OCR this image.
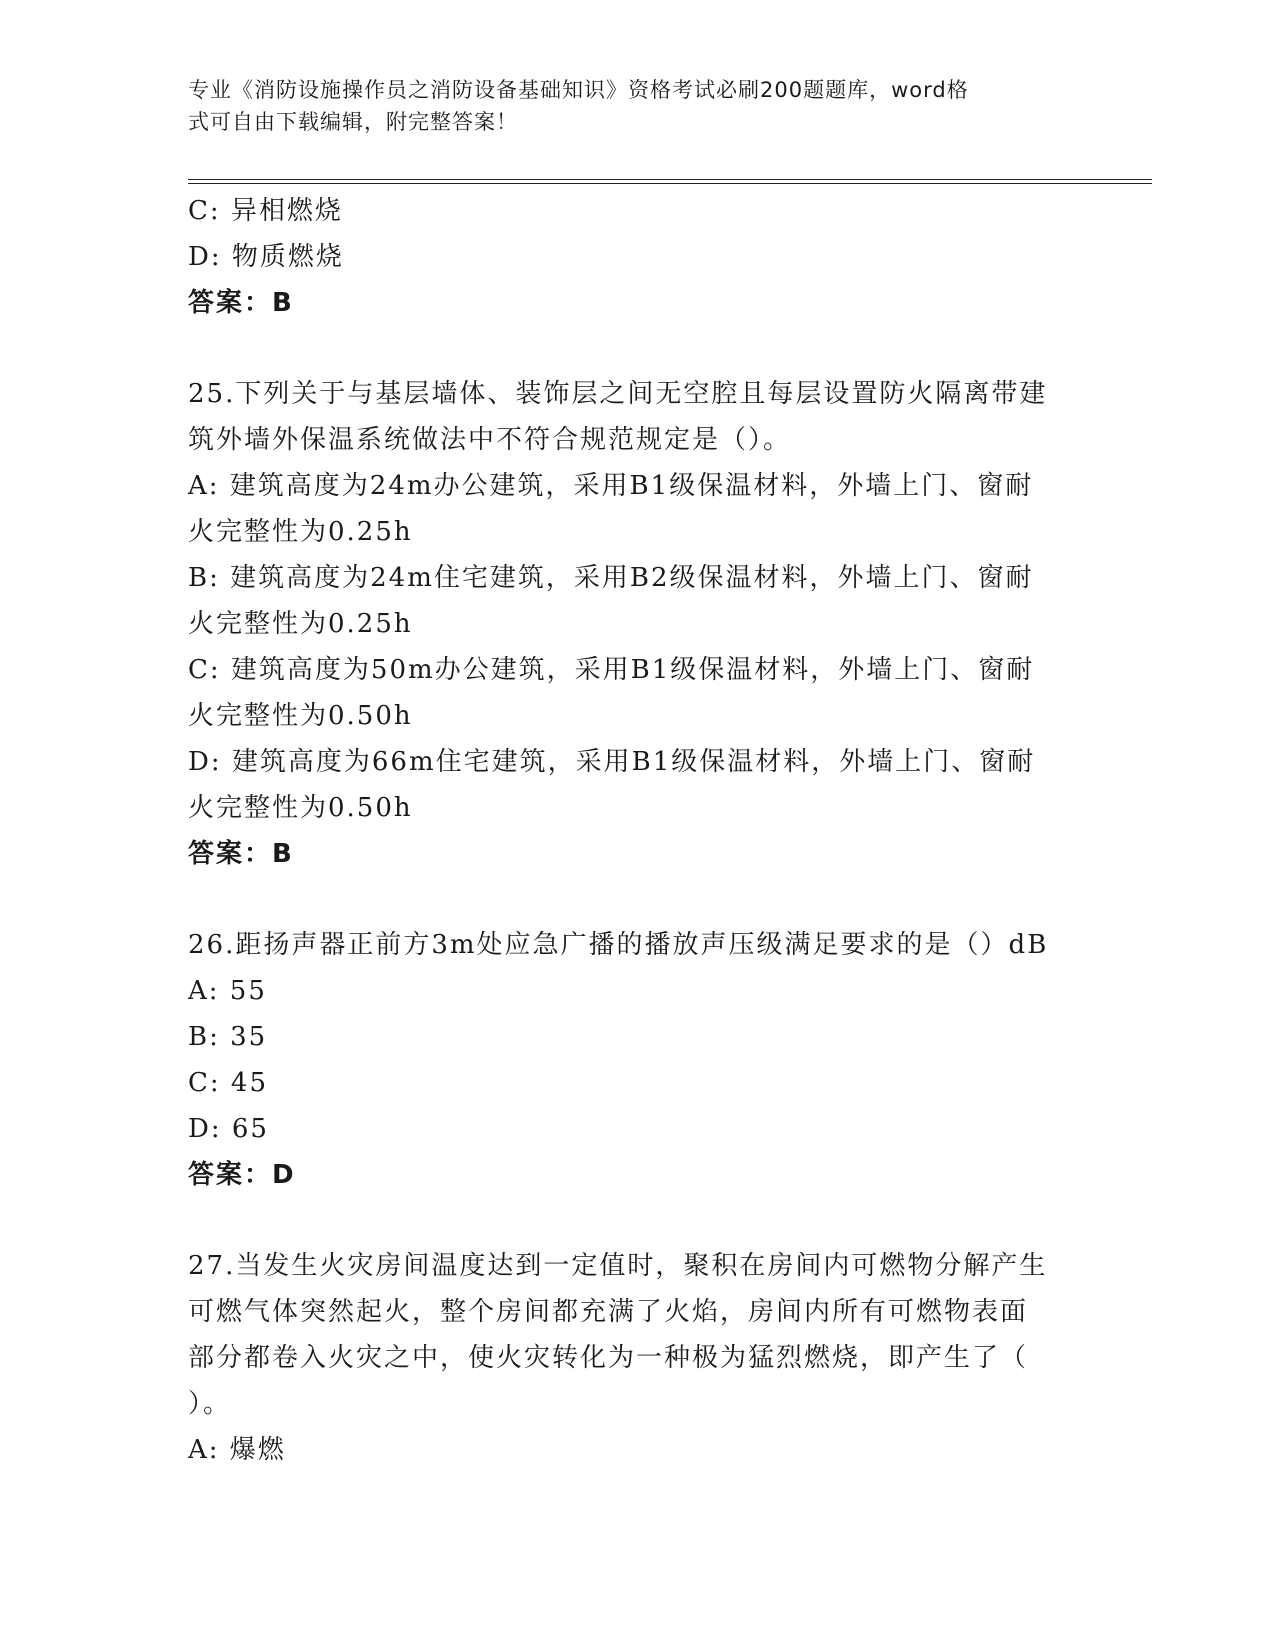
专业《消防设施操作员之消防设备基础知识》资格考试必刷200题题库，word格
式可自由下载编辑，附完整答案！
C: 异相燃烧
D: 物质燃烧
答案：B
25.下列关于与基层墙体、装饰层之间无空腔且每层设置防火隔离带建
筑外墙外保温系统做法中不符合规范规定是（）。
A: 建筑高度为24m办公建筑，采用B1级保温材料，外墙上门、窗耐
火完整性为0.25h
B: 建筑高度为24m住宅建筑，采用B2级保温材料，外墙上门、窗耐
火完整性为0.25h
C: 建筑高度为50m办公建筑，采用B1级保温材料，外墙上门、窗耐
火完整性为0.50h
D: 建筑高度为66m住宅建筑，采用B1级保温材料，外墙上门、窗耐
火完整性为0.50h
答案：B
26.距扬声器正前方3m处应急广播的播放声压级满足要求的是（）dB
A: 55
B: 35
C: 45
D: 65
答案：D
27.当发生火灾房间温度达到一定值时，聚积在房间内可燃物分解产生
可燃气体突然起火，整个房间都充满了火焰，房间内所有可燃物表面
部分都卷入火灾之中，使火灾转化为一种极为猛烈燃烧，即产生了（
）。
A: 爆燃
